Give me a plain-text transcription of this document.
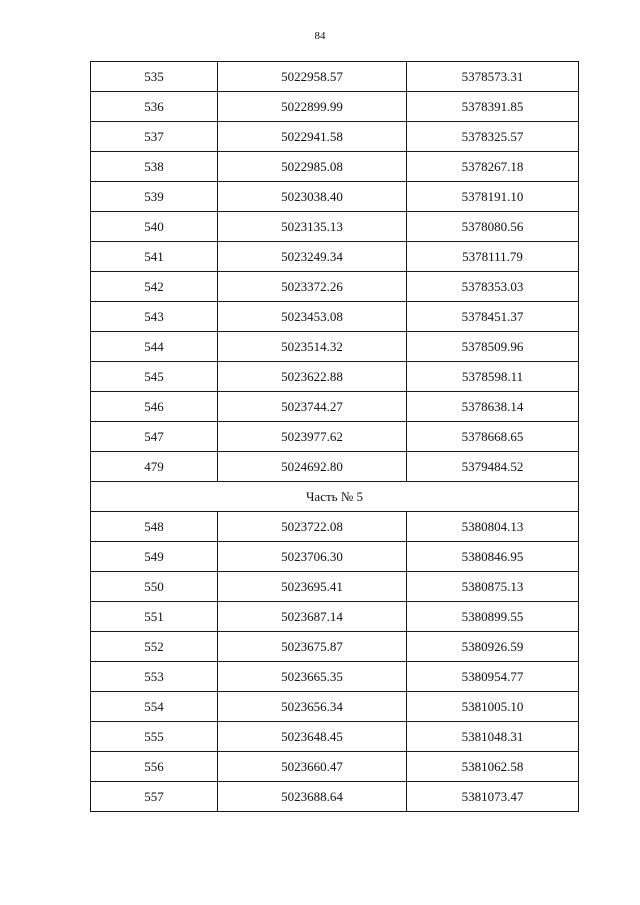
84
535	5022958.57	5378573.31
536	5022899.99	5378391.85
537	5022941.58	5378325.57
538	5022985.08	5378267.18
539	5023038.40	5378191.10
540	5023135.13	5378080.56
541	5023249.34	5378111.79
542	5023372.26	5378353.03
543	5023453.08	5378451.37
544	5023514.32	5378509.96
545	5023622.88	5378598.11
546	5023744.27	5378638.14
547	5023977.62	5378668.65
479	5024692.80	5379484.52
Часть № 5		
548	5023722.08	5380804.13
549	5023706.30	5380846.95
550	5023695.41	5380875.13
551	5023687.14	5380899.55
552	5023675.87	5380926.59
553	5023665.35	5380954.77
554	5023656.34	5381005.10
555	5023648.45	5381048.31
556	5023660.47	5381062.58
557	5023688.64	5381073.47
